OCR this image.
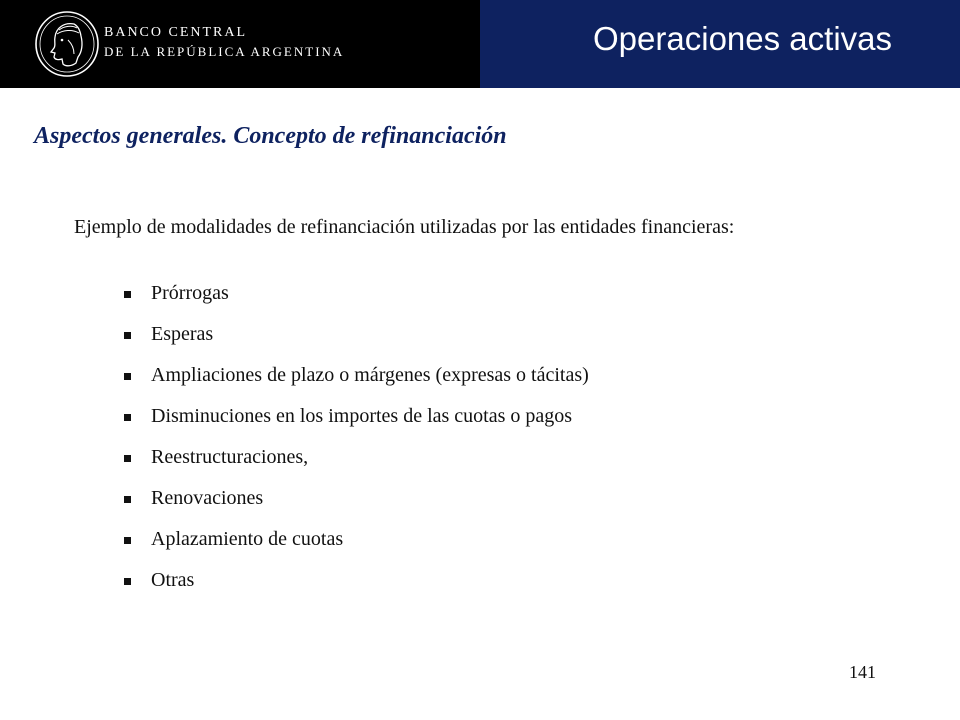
BANCO CENTRAL
DE LA REPÚBLICA ARGENTINA	Operaciones activas
Aspectos generales. Concepto de refinanciación
Ejemplo de modalidades de refinanciación utilizadas por las entidades financieras:
Prórrogas
Esperas
Ampliaciones de plazo o márgenes (expresas o tácitas)
Disminuciones en los importes de las cuotas o pagos
Reestructuraciones,
Renovaciones
Aplazamiento de cuotas
Otras
141
